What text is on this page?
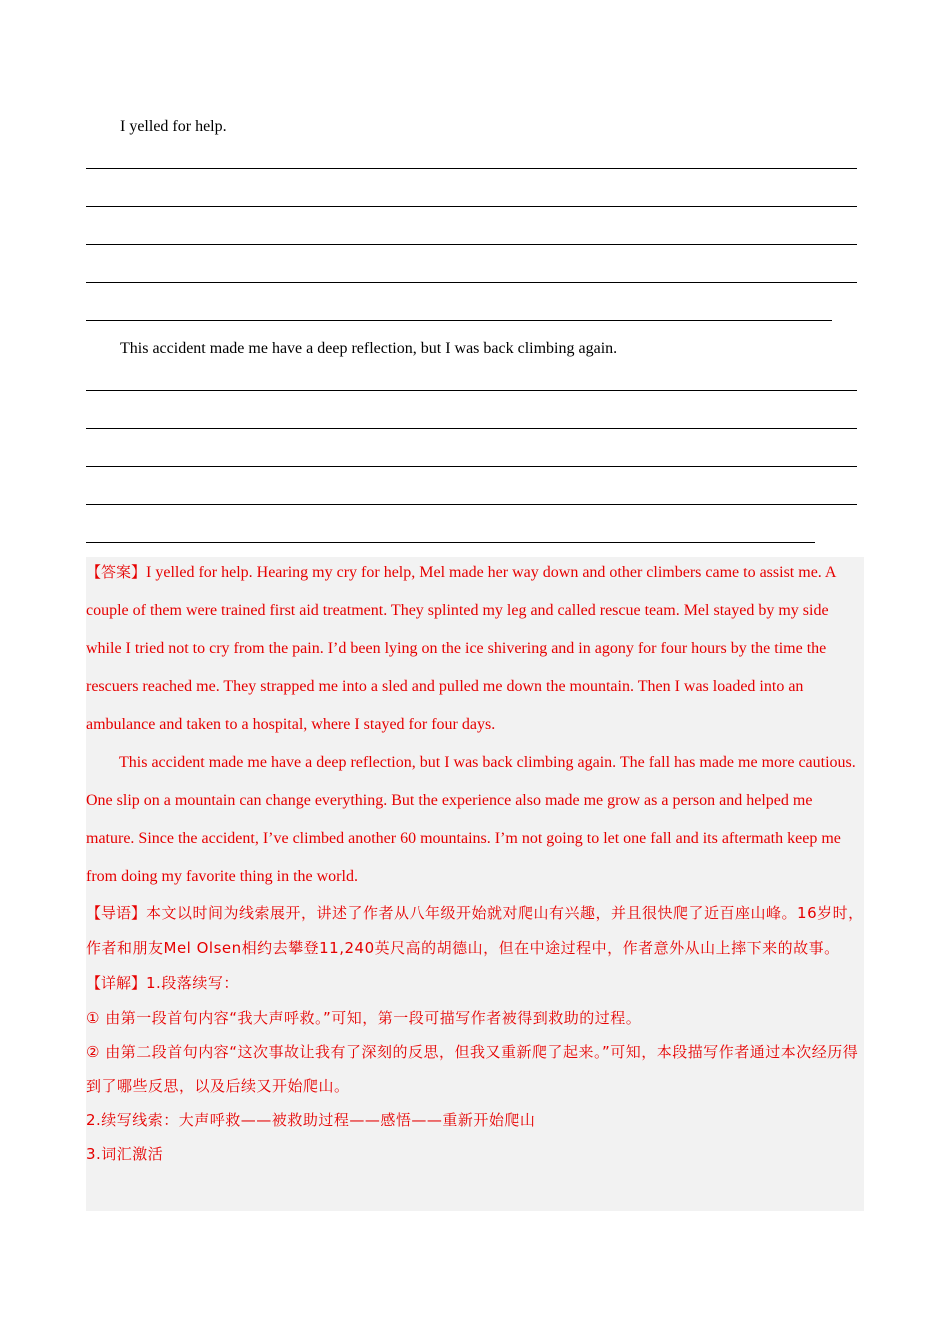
I yelled for help.
This accident made me have a deep reflection, but I was back climbing again.

【答案】I yelled for help. Hearing my cry for help, Mel made her way down and other climbers came to assist me. A couple of them were trained first aid treatment. They splinted my leg and called rescue team. Mel stayed by my side while I tried not to cry from the pain. I’d been lying on the ice shivering and in agony for four hours by the time the rescuers reached me. They strapped me into a sled and pulled me down the mountain. Then I was loaded into an ambulance and taken to a hospital, where I stayed for four days.

This accident made me have a deep reflection, but I was back climbing again. The fall has made me more cautious. One slip on a mountain can change everything. But the experience also made me grow as a person and helped me mature. Since the accident, I’ve climbed another 60 mountains. I’m not going to let one fall and its aftermath keep me from doing my favorite thing in the world.

【导语】本文以时间为线索展开，讲述了作者从八年级开始就对爬山有兴趣，并且很快爬了近百座山峰。16岁时，作者和朋友Mel Olsen相约去攀登11,240英尺高的胡德山，但在中途过程中，作者意外从山上摔下来的故事。

【详解】1.段落续写：

① 由第一段首句内容“我大声呼救。”可知，第一段可描写作者被得到救助的过程。

② 由第二段首句内容“这次事故让我有了深刻的反思，但我又重新爬了起来。”可知，本段描写作者通过本次经历得到了哪些反思，以及后续又开始爬山。

2.续写线索：大声呼救——被救助过程——感悟——重新开始爬山

3.词汇激活
